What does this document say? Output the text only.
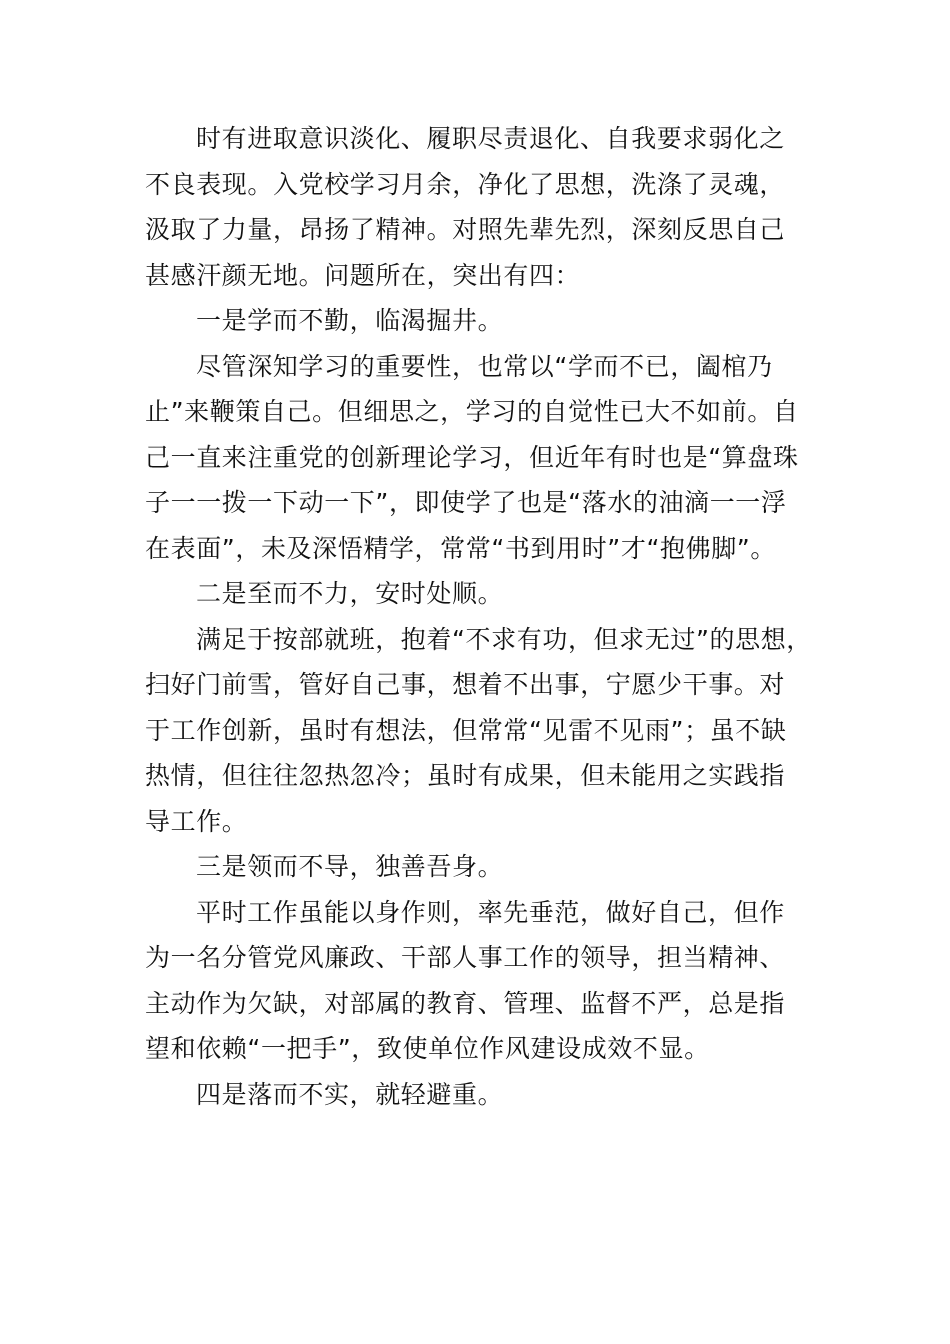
时有进取意识淡化、履职尽责退化、自我要求弱化之
不良表现。入党校学习月余，净化了思想，洗涤了灵魂，
汲取了力量，昂扬了精神。对照先辈先烈，深刻反思自己
甚感汗颜无地。问题所在，突出有四：
一是学而不勤，临渴掘井。
尽管深知学习的重要性，也常以“学而不已，阖棺乃
止”来鞭策自己。但细思之，学习的自觉性已大不如前。自
己一直来注重党的创新理论学习，但近年有时也是“算盘珠
子一一拨一下动一下”，即使学了也是“落水的油滴一一浮
在表面”，未及深悟精学，常常“书到用时”才“抱佛脚”。
二是至而不力，安时处顺。
满足于按部就班，抱着“不求有功，但求无过”的思想，
扫好门前雪，管好自己事，想着不出事，宁愿少干事。对
于工作创新，虽时有想法，但常常“见雷不见雨”；虽不缺
热情，但往往忽热忽冷；虽时有成果，但未能用之实践指
导工作。
三是领而不导，独善吾身。
平时工作虽能以身作则，率先垂范，做好自己，但作
为一名分管党风廉政、干部人事工作的领导，担当精神、
主动作为欠缺，对部属的教育、管理、监督不严，总是指
望和依赖“一把手”，致使单位作风建设成效不显。
四是落而不实，就轻避重。
